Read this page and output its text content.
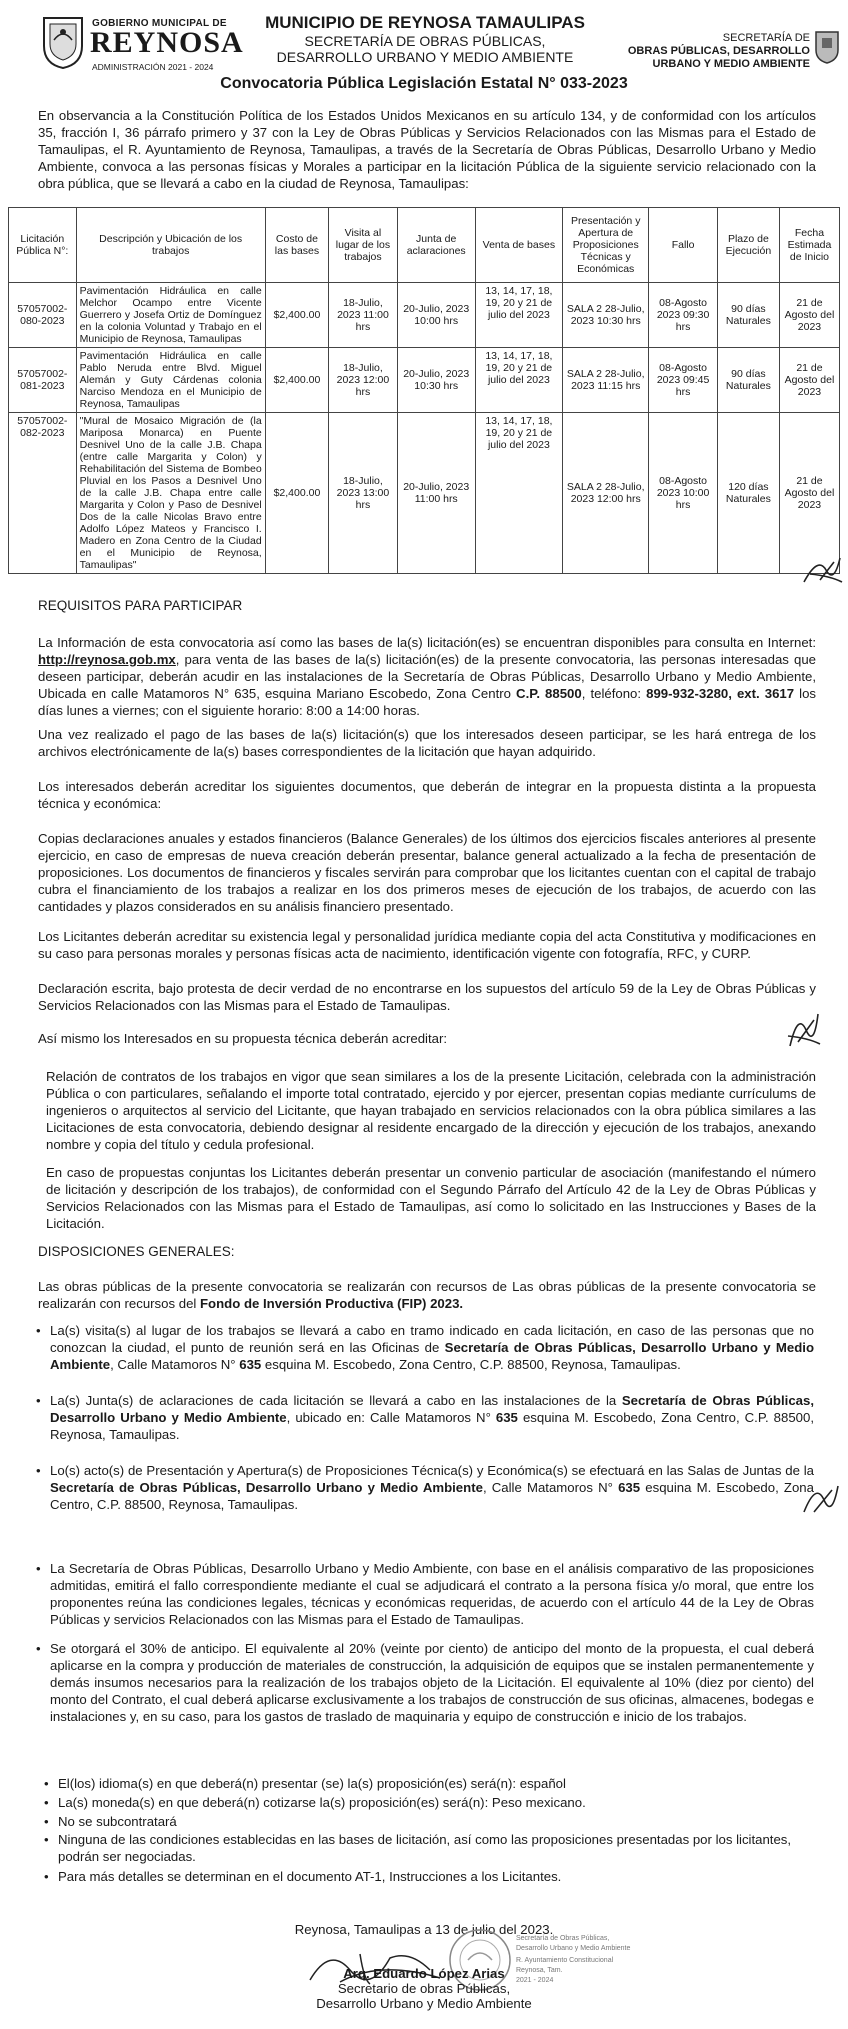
GOBIERNO MUNICIPAL DE
REYNOSA
ADMINISTRACIÓN 2021 - 2024
MUNICIPIO DE REYNOSA TAMAULIPAS
SECRETARÍA DE OBRAS PÚBLICAS,
DESARROLLO URBANO Y MEDIO AMBIENTE
SECRETARÍA DE
OBRAS PÚBLICAS, DESARROLLO
URBANO Y MEDIO AMBIENTE
Convocatoria Pública Legislación Estatal N° 033-2023
En observancia a la Constitución Política de los Estados Unidos Mexicanos en su artículo 134, y de conformidad con los artículos 35, fracción I, 36 párrafo primero y 37 con la Ley de Obras Públicas y Servicios Relacionados con las Mismas para el Estado de Tamaulipas, el R. Ayuntamiento de Reynosa, Tamaulipas, a través de la Secretaría de Obras Públicas, Desarrollo Urbano y Medio Ambiente, convoca a las personas físicas y Morales a participar en la licitación Pública de la siguiente servicio relacionado con la obra pública, que se llevará a cabo en la ciudad de Reynosa, Tamaulipas:
Licitación Pública N°:	Descripción y Ubicación de los trabajos	Costo de las bases	Visita al lugar de los trabajos	Junta de aclaraciones	Venta de bases	Presentación y Apertura de Proposiciones Técnicas y Económicas	Fallo	Plazo de Ejecución	Fecha Estimada de Inicio
57057002-080-2023	Pavimentación Hidráulica en calle Melchor Ocampo entre Vicente Guerrero y Josefa Ortiz de Domínguez en la colonia Voluntad y Trabajo en el Municipio de Reynosa, Tamaulipas	$2,400.00	18-Julio, 2023 11:00 hrs	20-Julio, 2023 10:00 hrs	13, 14, 17, 18, 19, 20 y 21 de julio del 2023	SALA 2 28-Julio, 2023 10:30 hrs	08-Agosto 2023 09:30 hrs	90 días Naturales	21 de Agosto del 2023
57057002-081-2023	Pavimentación Hidráulica en calle Pablo Neruda entre Blvd. Miguel Alemán y Guty Cárdenas colonia Narciso Mendoza en el Municipio de Reynosa, Tamaulipas	$2,400.00	18-Julio, 2023 12:00 hrs	20-Julio, 2023 10:30 hrs	13, 14, 17, 18, 19, 20 y 21 de julio del 2023	SALA 2 28-Julio, 2023 11:15 hrs	08-Agosto 2023 09:45 hrs	90 días Naturales	21 de Agosto del 2023
57057002-082-2023	"Mural de Mosaico Migración de (la Mariposa Monarca) en Puente Desnivel Uno de la calle J.B. Chapa (entre calle Margarita y Colon) y Rehabilitación del Sistema de Bombeo Pluvial en los Pasos a Desnivel Uno de la calle J.B. Chapa entre calle Margarita y Colon y Paso de Desnivel Dos de la calle Nicolas Bravo entre Adolfo López Mateos y Francisco I. Madero en Zona Centro de la Ciudad en el Municipio de Reynosa, Tamaulipas"	$2,400.00	18-Julio, 2023 13:00 hrs	20-Julio, 2023 11:00 hrs	13, 14, 17, 18, 19, 20 y 21 de julio del 2023	SALA 2 28-Julio, 2023 12:00 hrs	08-Agosto 2023 10:00 hrs	120 días Naturales	21 de Agosto del 2023
REQUISITOS PARA PARTICIPAR
La Información de esta convocatoria así como las bases de la(s) licitación(es) se encuentran disponibles para consulta en Internet: http://reynosa.gob.mx, para venta de las bases de la(s) licitación(es) de la presente convocatoria, las personas interesadas que deseen participar, deberán acudir en las instalaciones de la Secretaría de Obras Públicas, Desarrollo Urbano y Medio Ambiente, Ubicada en calle Matamoros N° 635, esquina Mariano Escobedo, Zona Centro C.P. 88500, teléfono: 899-932-3280, ext. 3617 los días lunes a viernes; con el siguiente horario: 8:00 a 14:00 horas.
Una vez realizado el pago de las bases de la(s) licitación(s) que los interesados deseen participar, se les hará entrega de los archivos electrónicamente de la(s) bases correspondientes de la licitación que hayan adquirido.
Los interesados deberán acreditar los siguientes documentos, que deberán de integrar en la propuesta distinta a la propuesta técnica y económica:
Copias declaraciones anuales y estados financieros (Balance Generales) de los últimos dos ejercicios fiscales anteriores al presente ejercicio, en caso de empresas de nueva creación deberán presentar, balance general actualizado a la fecha de presentación de proposiciones. Los documentos de financieros y fiscales servirán para comprobar que los licitantes cuentan con el capital de trabajo cubra el financiamiento de los trabajos a realizar en los dos primeros meses de ejecución de los trabajos, de acuerdo con las cantidades y plazos considerados en su análisis financiero presentado.
Los Licitantes deberán acreditar su existencia legal y personalidad jurídica mediante copia del acta Constitutiva y modificaciones en su caso para personas morales y personas físicas acta de nacimiento, identificación vigente con fotografía, RFC, y CURP.
Declaración escrita, bajo protesta de decir verdad de no encontrarse en los supuestos del artículo 59 de la Ley de Obras Públicas y Servicios Relacionados con las Mismas para el Estado de Tamaulipas.
Así mismo los Interesados en su propuesta técnica deberán acreditar:
Relación de contratos de los trabajos en vigor que sean similares a los de la presente Licitación, celebrada con la administración Pública o con particulares, señalando el importe total contratado, ejercido y por ejercer, presentan copias mediante currículums de ingenieros o arquitectos al servicio del Licitante, que hayan trabajado en servicios relacionados con la obra pública similares a las Licitaciones de esta convocatoria, debiendo designar al residente encargado de la dirección y ejecución de los trabajos, anexando nombre y copia del título y cedula profesional.
En caso de propuestas conjuntas los Licitantes deberán presentar un convenio particular de asociación (manifestando el número de licitación y descripción de los trabajos), de conformidad con el Segundo Párrafo del Artículo 42 de la Ley de Obras Públicas y Servicios Relacionados con las Mismas para el Estado de Tamaulipas, así como lo solicitado en las Instrucciones y Bases de la Licitación.
DISPOSICIONES GENERALES:
Las obras públicas de la presente convocatoria se realizarán con recursos de Las obras públicas de la presente convocatoria se realizarán con recursos del Fondo de Inversión Productiva (FIP) 2023.
• La(s) visita(s) al lugar de los trabajos se llevará a cabo en tramo indicado en cada licitación, en caso de las personas que no conozcan la ciudad, el punto de reunión será en las Oficinas de Secretaría de Obras Públicas, Desarrollo Urbano y Medio Ambiente, Calle Matamoros N° 635 esquina M. Escobedo, Zona Centro, C.P. 88500, Reynosa, Tamaulipas.
• La(s) Junta(s) de aclaraciones de cada licitación se llevará a cabo en las instalaciones de la Secretaría de Obras Públicas, Desarrollo Urbano y Medio Ambiente, ubicado en: Calle Matamoros N° 635 esquina M. Escobedo, Zona Centro, C.P. 88500, Reynosa, Tamaulipas.
• Lo(s) acto(s) de Presentación y Apertura(s) de Proposiciones Técnica(s) y Económica(s) se efectuará en las Salas de Juntas de la Secretaría de Obras Públicas, Desarrollo Urbano y Medio Ambiente, Calle Matamoros N° 635 esquina M. Escobedo, Zona Centro, C.P. 88500, Reynosa, Tamaulipas.
• La Secretaría de Obras Públicas, Desarrollo Urbano y Medio Ambiente, con base en el análisis comparativo de las proposiciones admitidas, emitirá el fallo correspondiente mediante el cual se adjudicará el contrato a la persona física y/o moral, que entre los proponentes reúna las condiciones legales, técnicas y económicas requeridas, de acuerdo con el artículo 44 de la Ley de Obras Públicas y servicios Relacionados con las Mismas para el Estado de Tamaulipas.
• Se otorgará el 30% de anticipo. El equivalente al 20% (veinte por ciento) de anticipo del monto de la propuesta, el cual deberá aplicarse en la compra y producción de materiales de construcción, la adquisición de equipos que se instalen permanentemente y demás insumos necesarios para la realización de los trabajos objeto de la Licitación. El equivalente al 10% (diez por ciento) del monto del Contrato, el cual deberá aplicarse exclusivamente a los trabajos de construcción de sus oficinas, almacenes, bodegas e instalaciones y, en su caso, para los gastos de traslado de maquinaria y equipo de construcción e inicio de los trabajos.
• El(los) idioma(s) en que deberá(n) presentar (se) la(s) proposición(es) será(n): español
• La(s) moneda(s) en que deberá(n) cotizarse la(s) proposición(es) será(n): Peso mexicano.
• No se subcontratará
• Ninguna de las condiciones establecidas en las bases de licitación, así como las proposiciones presentadas por los licitantes, podrán ser negociadas.
• Para más detalles se determinan en el documento AT-1, Instrucciones a los Licitantes.
Reynosa, Tamaulipas a 13 de julio del 2023.
Secretaría de Obras Públicas,
Desarrollo Urbano y Medio Ambiente
R. Ayuntamiento Constitucional
Reynosa, Tam.
2021 - 2024
Arq. Eduardo López Arias
Secretario de obras Públicas,
Desarrollo Urbano y Medio Ambiente
